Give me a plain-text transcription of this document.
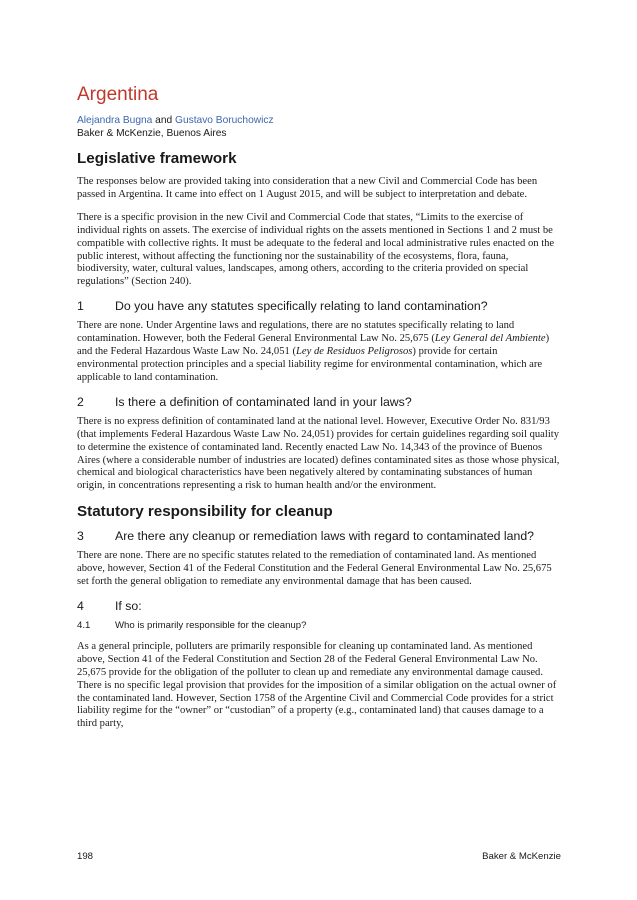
Argentina

Alejandra Bugna and Gustavo Boruchowicz

Baker & McKenzie, Buenos Aires

Legislative framework

The responses below are provided taking into consideration that a new Civil and Commercial Code has been passed in Argentina. It came into effect on 1 August 2015, and will be subject to interpretation and debate.

There is a specific provision in the new Civil and Commercial Code that states, “Limits to the exercise of individual rights on assets. The exercise of individual rights on the assets mentioned in Sections 1 and 2 must be compatible with collective rights. It must be adequate to the federal and local administrative rules enacted on the public interest, without affecting the functioning nor the sustainability of the ecosystems, flora, fauna, biodiversity, water, cultural values, landscapes, among others, according to the criteria provided on special regulations” (Section 240).

1	Do you have any statutes specifically relating to land contamination?

There are none. Under Argentine laws and regulations, there are no statutes specifically relating to land contamination. However, both the Federal General Environmental Law No. 25,675 (Ley General del Ambiente) and the Federal Hazardous Waste Law No. 24,051 (Ley de Residuos Peligrosos) provide for certain environmental protection principles and a special liability regime for environmental contamination, which are applicable to land contamination.

2	Is there a definition of contaminated land in your laws?

There is no express definition of contaminated land at the national level. However, Executive Order No. 831/93 (that implements Federal Hazardous Waste Law No. 24,051) provides for certain guidelines regarding soil quality to determine the existence of contaminated land. Recently enacted Law No. 14,343 of the province of Buenos Aires (where a considerable number of industries are located) defines contaminated sites as those whose physical, chemical and biological characteristics have been negatively altered by contaminating substances of human origin, in concentrations representing a risk to human health and/or the environment.

Statutory responsibility for cleanup
3	Are there any cleanup or remediation laws with regard to contaminated land?

There are none. There are no specific statutes related to the remediation of contaminated land. As mentioned above, however, Section 41 of the Federal Constitution and the Federal General Environmental Law No. 25,675 set forth the general obligation to remediate any environmental damage that has been caused.

4	If so:
4.1	Who is primarily responsible for the cleanup?

As a general principle, polluters are primarily responsible for cleaning up contaminated land. As mentioned above, Section 41 of the Federal Constitution and Section 28 of the Federal General Environmental Law No. 25,675 provide for the obligation of the polluter to clean up and remediate any environmental damage caused. There is no specific legal provision that provides for the imposition of a similar obligation on the actual owner of the contaminated land. However, Section 1758 of the Argentine Civil and Commercial Code provides for a strict liability regime for the “owner” or “custodian” of a property (e.g., contaminated land) that causes damage to a third party,

198	Baker & McKenzie
